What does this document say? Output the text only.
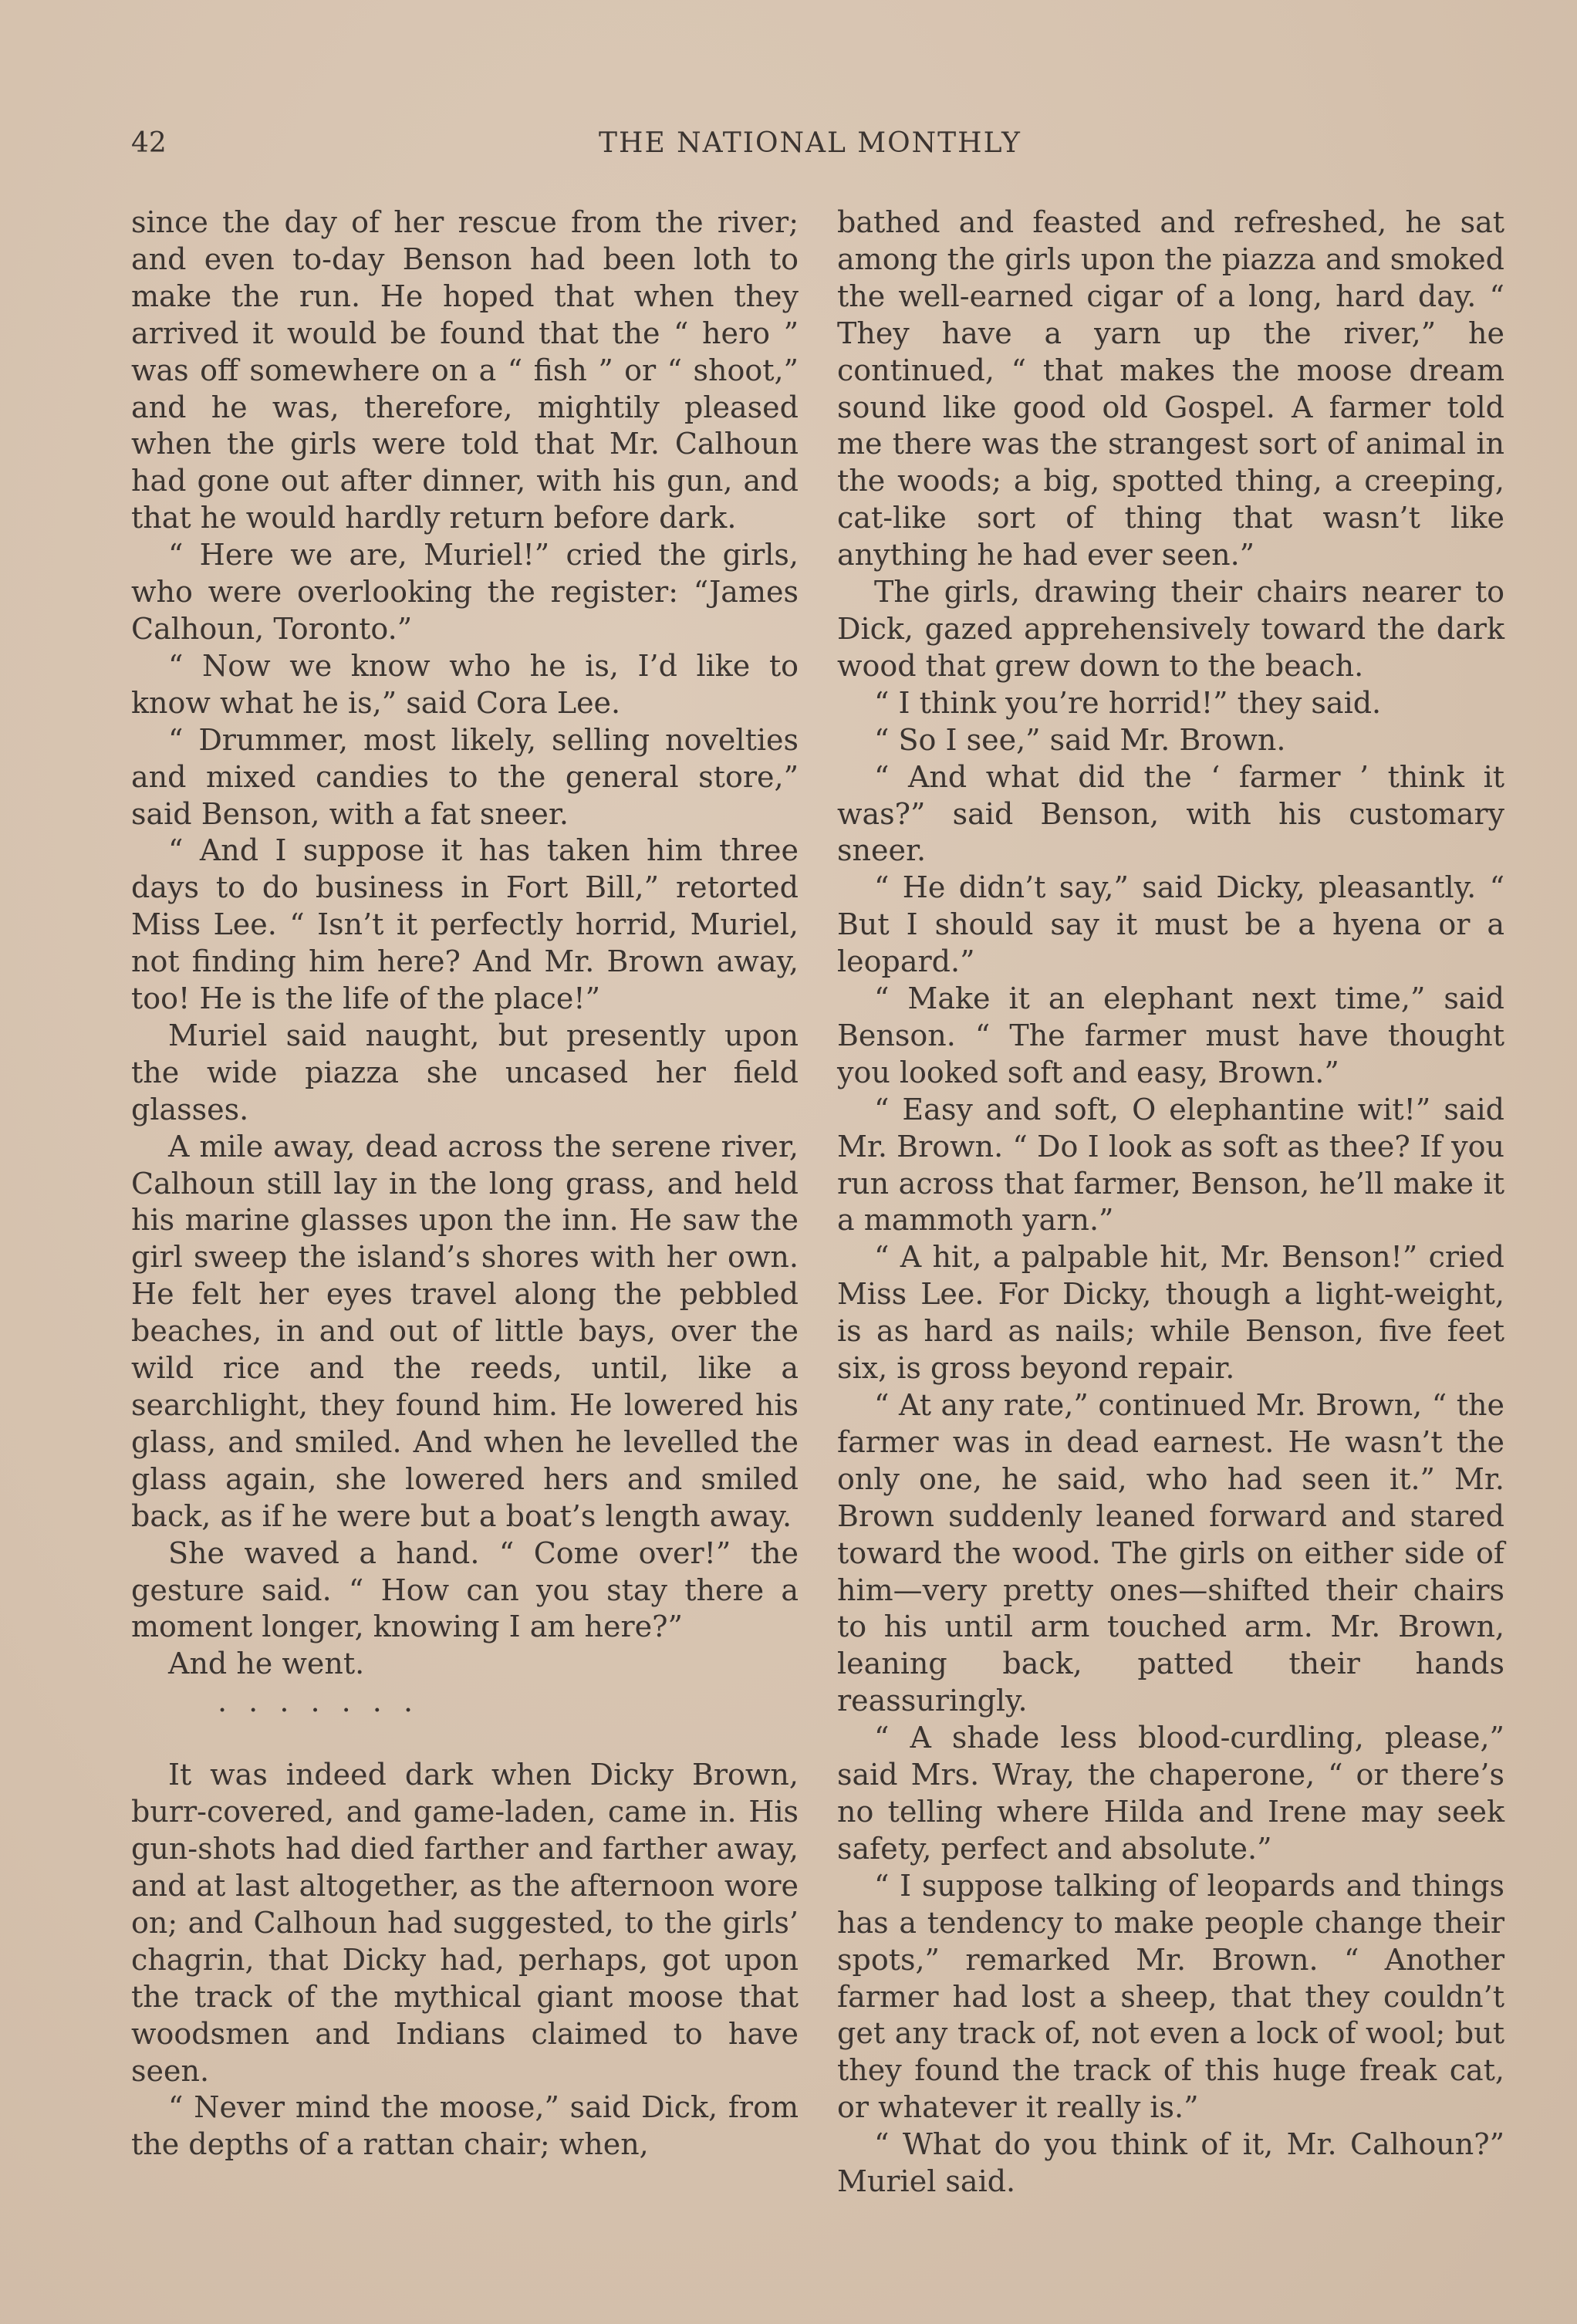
42	THE NATIONAL MONTHLY

since the day of her rescue from the river; and even to-day Benson had been loth to make the run. He hoped that when they arrived it would be found that the “ hero ” was off somewhere on a “ fish ” or “ shoot,” and he was, therefore, mightily pleased when the girls were told that Mr. Calhoun had gone out after dinner, with his gun, and that he would hardly return before dark.

“ Here we are, Muriel!” cried the girls, who were overlooking the register: “James Calhoun, Toronto.”

“ Now we know who he is, I’d like to know what he is,” said Cora Lee.

“ Drummer, most likely, selling novelties and mixed candies to the general store,” said Benson, with a fat sneer.

“ And I suppose it has taken him three days to do business in Fort Bill,” retorted Miss Lee. “ Isn’t it perfectly horrid, Muriel, not finding him here? And Mr. Brown away, too! He is the life of the place!”

Muriel said naught, but presently upon the wide piazza she uncased her field glasses.

A mile away, dead across the serene river, Calhoun still lay in the long grass, and held his marine glasses upon the inn. He saw the girl sweep the island’s shores with her own. He felt her eyes travel along the pebbled beaches, in and out of little bays, over the wild rice and the reeds, until, like a searchlight, they found him. He lowered his glass, and smiled. And when he levelled the glass again, she lowered hers and smiled back, as if he were but a boat’s length away.

She waved a hand. “ Come over!” the gesture said. “ How can you stay there a moment longer, knowing I am here?”

And he went.

. . . . . . .

It was indeed dark when Dicky Brown, burr-covered, and game-laden, came in. His gun-shots had died farther and farther away, and at last altogether, as the afternoon wore on; and Calhoun had suggested, to the girls’ chagrin, that Dicky had, perhaps, got upon the track of the mythical giant moose that woodsmen and Indians claimed to have seen.

“ Never mind the moose,” said Dick, from the depths of a rattan chair; when,

bathed and feasted and refreshed, he sat among the girls upon the piazza and smoked the well-earned cigar of a long, hard day. “ They have a yarn up the river,” he continued, “ that makes the moose dream sound like good old Gospel. A farmer told me there was the strangest sort of animal in the woods; a big, spotted thing, a creeping, cat-like sort of thing that wasn’t like anything he had ever seen.”

The girls, drawing their chairs nearer to Dick, gazed apprehensively toward the dark wood that grew down to the beach.

“ I think you’re horrid!” they said.

“ So I see,” said Mr. Brown.

“ And what did the ‘ farmer ’ think it was?” said Benson, with his customary sneer.

“ He didn’t say,” said Dicky, pleasantly. “ But I should say it must be a hyena or a leopard.”

“ Make it an elephant next time,” said Benson. “ The farmer must have thought you looked soft and easy, Brown.”

“ Easy and soft, O elephantine wit!” said Mr. Brown. “ Do I look as soft as thee? If you run across that farmer, Benson, he’ll make it a mammoth yarn.”

“ A hit, a palpable hit, Mr. Benson!” cried Miss Lee. For Dicky, though a light-weight, is as hard as nails; while Benson, five feet six, is gross beyond repair.

“ At any rate,” continued Mr. Brown, “ the farmer was in dead earnest. He wasn’t the only one, he said, who had seen it.” Mr. Brown suddenly leaned forward and stared toward the wood. The girls on either side of him—very pretty ones—shifted their chairs to his until arm touched arm. Mr. Brown, leaning back, patted their hands reassuringly.

“ A shade less blood-curdling, please,” said Mrs. Wray, the chaperone, “ or there’s no telling where Hilda and Irene may seek safety, perfect and absolute.”

“ I suppose talking of leopards and things has a tendency to make people change their spots,” remarked Mr. Brown. “ Another farmer had lost a sheep, that they couldn’t get any track of, not even a lock of wool; but they found the track of this huge freak cat, or whatever it really is.”

“ What do you think of it, Mr. Calhoun?” Muriel said.
